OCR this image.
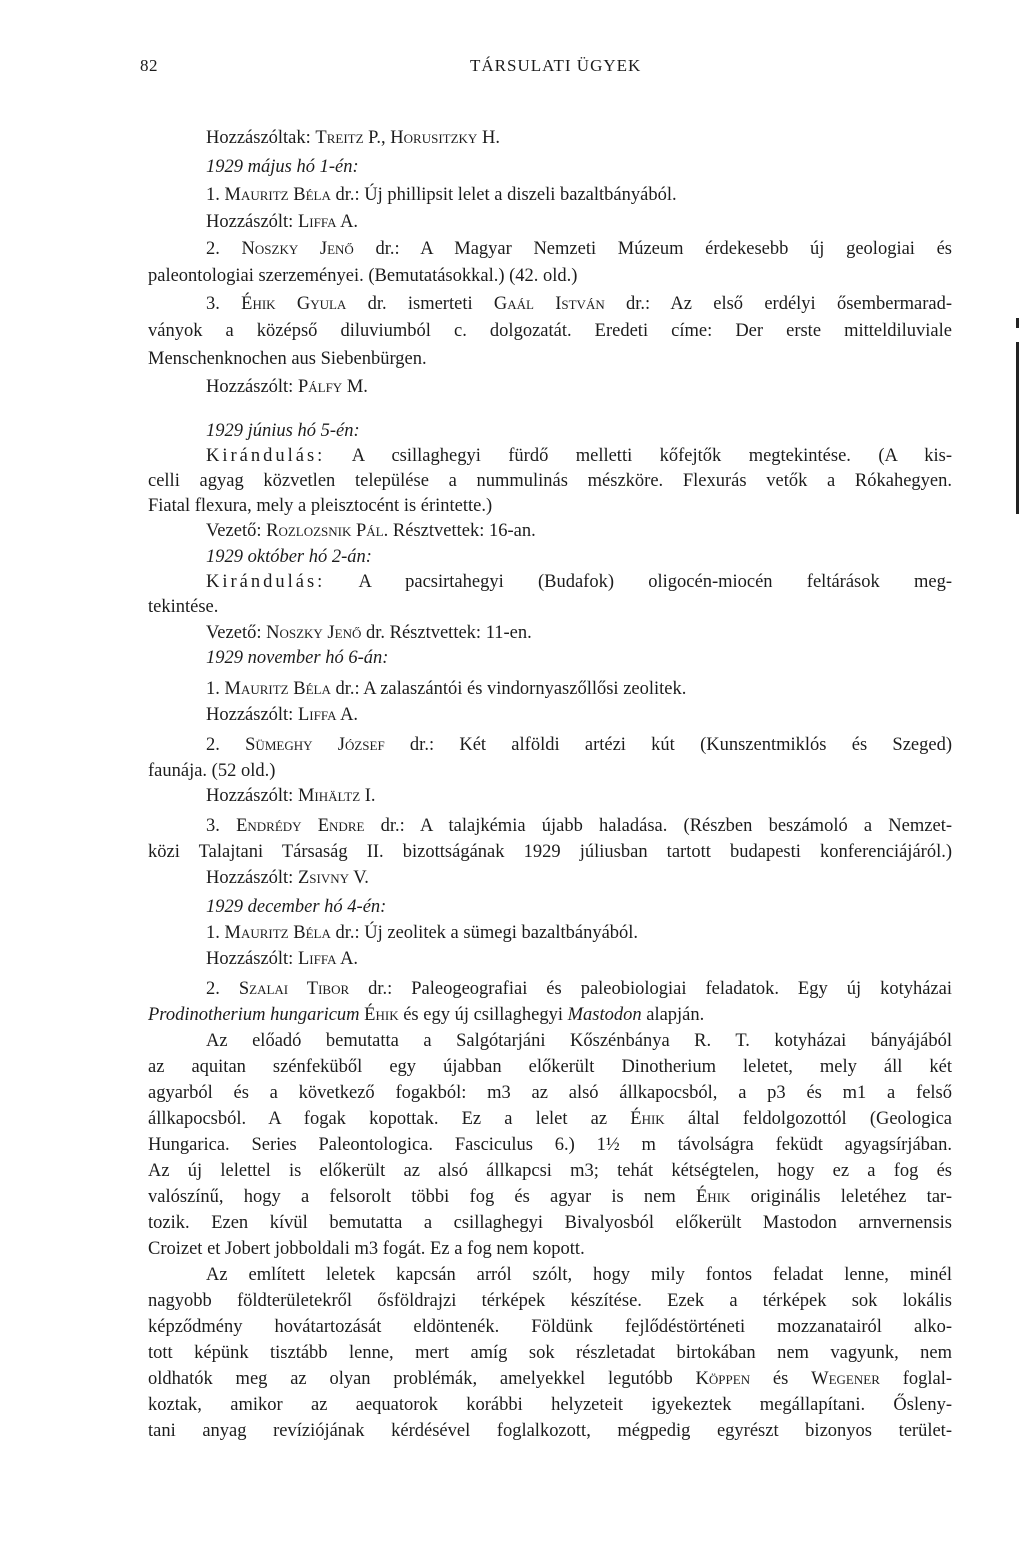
82	TÁRSULATI ÜGYEK
Hozzászóltak: Treitz P., Horusitzky H.
1929 május hó 1-én:
1. Mauritz Béla dr.: Új phillipsit lelet a diszeli bazaltbányából.
Hozzászólt: Liffa A.
2. Noszky Jenő dr.: A Magyar Nemzeti Múzeum érdekesebb új geologiai és
paleontologiai szerzeményei. (Bemutatásokkal.) (42. old.)
3. Éhik Gyula dr. ismerteti Gaál István dr.: Az első erdélyi ősembermarad-
ványok a középső diluviumból c. dolgozatát. Eredeti címe: Der erste mitteldiluviale
Menschenknochen aus Siebenbürgen.
Hozzászólt: Pálfy M.
1929 június hó 5-én:
Kirándulás: A csillaghegyi fürdő melletti kőfejtők megtekintése. (A kis-
celli agyag közvetlen települése a nummulinás mészköre. Flexurás vetők a Rókahegyen.
Fiatal flexura, mely a pleisztocént is érintette.)
Vezető: Rozlozsnik Pál. Résztvettek: 16-an.
1929 október hó 2-án:
Kirándulás: A pacsirtahegyi (Budafok) oligocén-miocén feltárások meg-
tekintése.
Vezető: Noszky Jenő dr. Résztvettek: 11-en.
1929 november hó 6-án:
1. Mauritz Béla dr.: A zalaszántói és vindornyaszőllősi zeolitek.
Hozzászólt: Liffa A.
2. Sümeghy József dr.: Két alföldi artézi kút (Kunszentmiklós és Szeged)
faunája. (52 old.)
Hozzászólt: Mihältz I.
3. Endrédy Endre dr.: A talajkémia újabb haladása. (Részben beszámoló a Nemzet-
közi Talajtani Társaság II. bizottságának 1929 júliusban tartott budapesti konferenciájáról.)
Hozzászólt: Zsivny V.
1929 december hó 4-én:
1. Mauritz Béla dr.: Új zeolitek a sümegi bazaltbányából.
Hozzászólt: Liffa A.
2. Szalai Tibor dr.: Paleogeografiai és paleobiologiai feladatok. Egy új kotyházai
Prodinotherium hungaricum Éhik és egy új csillaghegyi Mastodon alapján.
Az előadó bemutatta a Salgótarjáni Kőszénbánya R. T. kotyházai bányájából
az aquitan szénfeküből egy újabban előkerült Dinotherium leletet, mely áll két
agyarból és a következő fogakból: m3 az alsó állkapocsból, a p3 és m1 a felső
állkapocsból. A fogak kopottak. Ez a lelet az Éhik által feldolgozottól (Geologica
Hungarica. Series Paleontologica. Fasciculus 6.) 1½ m távolságra feküdt agyagsírjában.
Az új lelettel is előkerült az alsó állkapcsi m3; tehát kétségtelen, hogy ez a fog és
valószínű, hogy a felsorolt többi fog és agyar is nem Éhik originális leletéhez tar-
tozik. Ezen kívül bemutatta a csillaghegyi Bivalyosból előkerült Mastodon arnvernensis
Croizet et Jobert jobboldali m3 fogát. Ez a fog nem kopott.
Az említett leletek kapcsán arról szólt, hogy mily fontos feladat lenne, minél
nagyobb földterületekről ősföldrajzi térképek készítése. Ezek a térképek sok lokális
képződmény hovátartozását eldöntenék. Földünk fejlődéstörténeti mozzanatairól alko-
tott képünk tisztább lenne, mert amíg sok részletadat birtokában nem vagyunk, nem
oldhatók meg az olyan problémák, amelyekkel legutóbb Köppen és Wegener foglal-
koztak, amikor az aequatorok korábbi helyzeteit igyekeztek megállapítani. Ősleny-
tani anyag revíziójának kérdésével foglalkozott, mégpedig egyrészt bizonyos terület-
